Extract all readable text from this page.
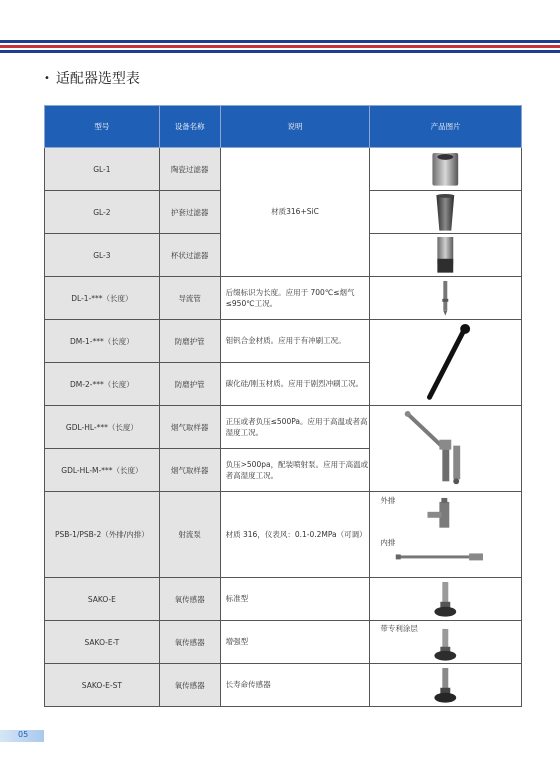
• 适配器选型表
型号	设备名称	说明	产品图片
GL-1	陶瓷过滤器	材质316+SiC	

GL-2	护套过滤器	

GL-3	杯状过滤器	

DL-1-***（长度）	导流管	后缀标识为长度。应用于 700℃≤烟气≤950℃工况。	

DM-1-***（长度）	防磨护管	钼钒合金材质。应用于有冲刷工况。	

DM-2-***（长度）	防磨护管	碳化硅/刚玉材质。应用于剧烈冲刷工况。	
GDL-HL-***（长度）	烟气取样器	正压或者负压≤500Pa。应用于高温或者高湿度工况。	

GDL-HL-M-***（长度）	烟气取样器	负压>500pa，配装喷射泵。应用于高温或者高湿度工况。	
PSB-1/PSB-2（外排/内排）	射流泵	材质 316，仪表风：0.1-0.2MPa（可调）	外排
内排

SAKO-E	氧传感器	标准型	

SAKO-E-T	氧传感器	增强型	带专利涂层

SAKO-E-ST	氧传感器	长寿命传感器	
05
